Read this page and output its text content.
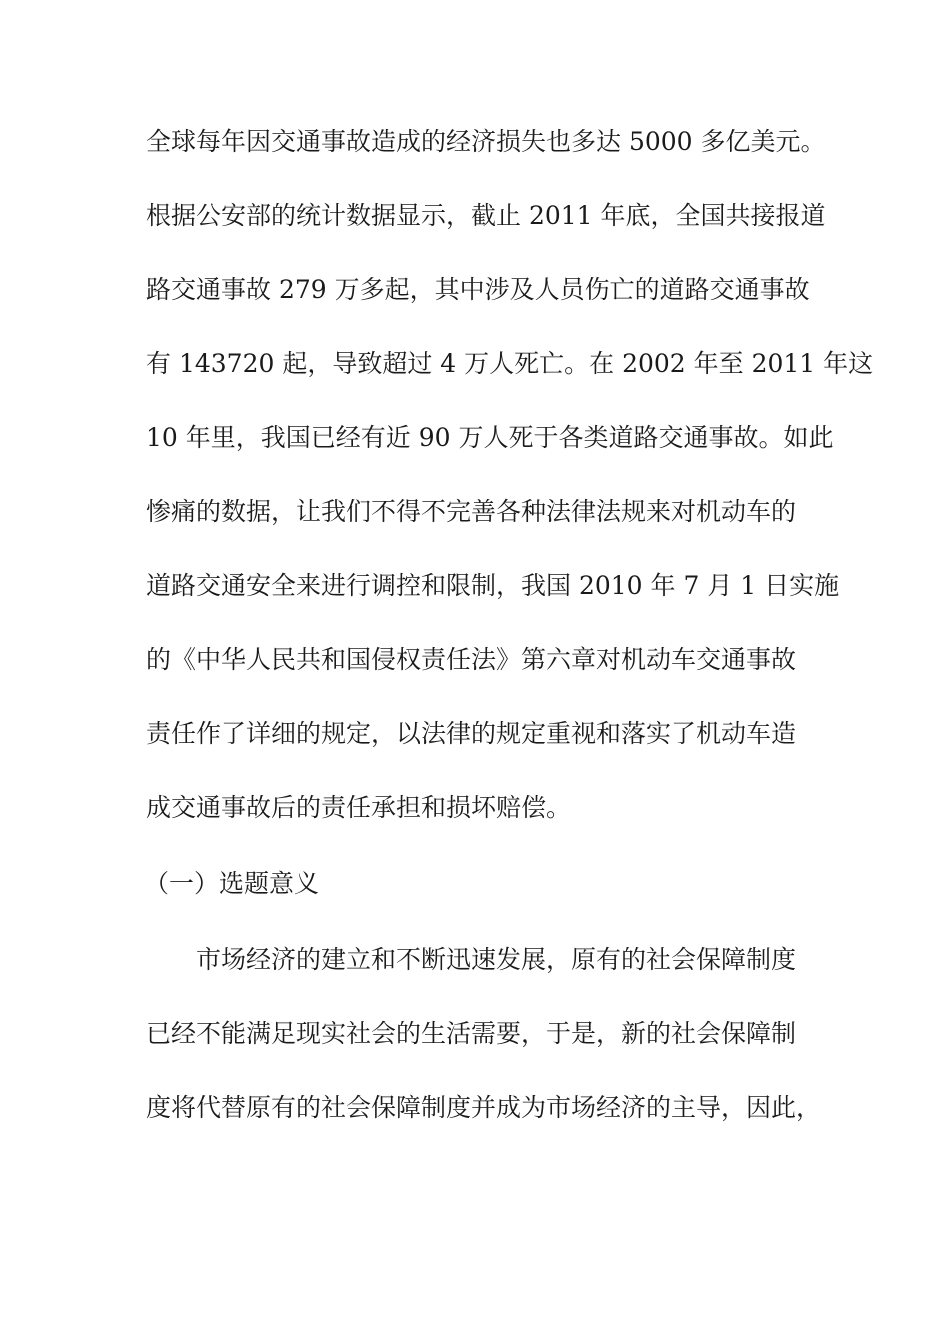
全球每年因交通事故造成的经济损失也多达 5000 多亿美元。
根据公安部的统计数据显示，截止 2011 年底，全国共接报道
路交通事故 279 万多起，其中涉及人员伤亡的道路交通事故
有 143720 起，导致超过 4 万人死亡。在 2002 年至 2011 年这
10 年里，我国已经有近 90 万人死于各类道路交通事故。如此
惨痛的数据，让我们不得不完善各种法律法规来对机动车的
道路交通安全来进行调控和限制，我国 2010 年 7 月 1 日实施
的《中华人民共和国侵权责任法》第六章对机动车交通事故
责任作了详细的规定，以法律的规定重视和落实了机动车造
成交通事故后的责任承担和损坏赔偿。
（一）选题意义
市场经济的建立和不断迅速发展，原有的社会保障制度
已经不能满足现实社会的生活需要，于是，新的社会保障制
度将代替原有的社会保障制度并成为市场经济的主导，因此，
